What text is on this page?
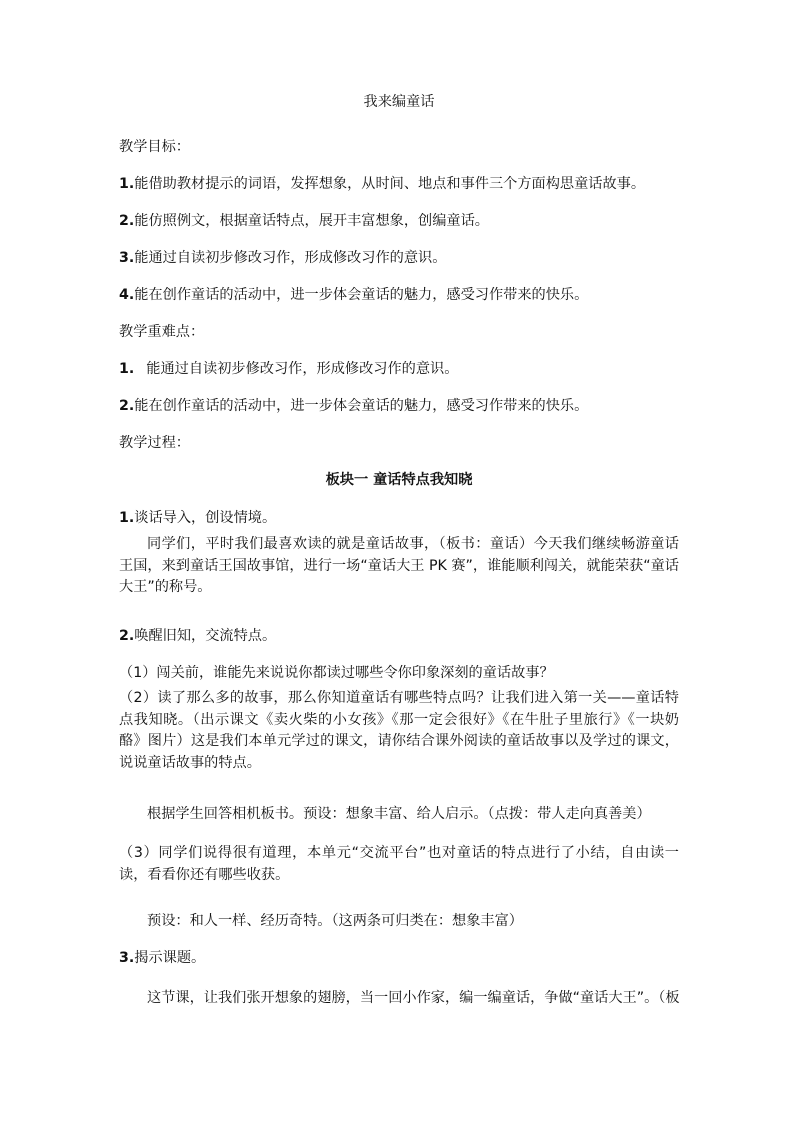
我来编童话
教学目标：
1.能借助教材提示的词语，发挥想象，从时间、地点和事件三个方面构思童话故事。
2.能仿照例文，根据童话特点，展开丰富想象，创编童话。
3.能通过自读初步修改习作，形成修改习作的意识。
4.能在创作童话的活动中，进一步体会童话的魅力，感受习作带来的快乐。
教学重难点：
1. 能通过自读初步修改习作，形成修改习作的意识。
2.能在创作童话的活动中，进一步体会童话的魅力，感受习作带来的快乐。
教学过程：
板块一 童话特点我知晓
1.谈话导入，创设情境。
同学们，平时我们最喜欢读的就是童话故事，（板书：童话）今天我们继续畅游童话王国，来到童话王国故事馆，进行一场“童话大王 PK 赛”，谁能顺利闯关，就能荣获“童话大王”的称号。
2.唤醒旧知，交流特点。
（1）闯关前，谁能先来说说你都读过哪些令你印象深刻的童话故事？
（2）读了那么多的故事，那么你知道童话有哪些特点吗？让我们进入第一关——童话特点我知晓。（出示课文《卖火柴的小女孩》《那一定会很好》《在牛肚子里旅行》《一块奶酪》图片）这是我们本单元学过的课文，请你结合课外阅读的童话故事以及学过的课文，说说童话故事的特点。
根据学生回答相机板书。预设：想象丰富、给人启示。（点拨：带人走向真善美）
（3）同学们说得很有道理，本单元“交流平台”也对童话的特点进行了小结，自由读一读，看看你还有哪些收获。
预设：和人一样、经历奇特。（这两条可归类在：想象丰富）
3.揭示课题。
这节课，让我们张开想象的翅膀，当一回小作家，编一编童话，争做“童话大王”。（板
